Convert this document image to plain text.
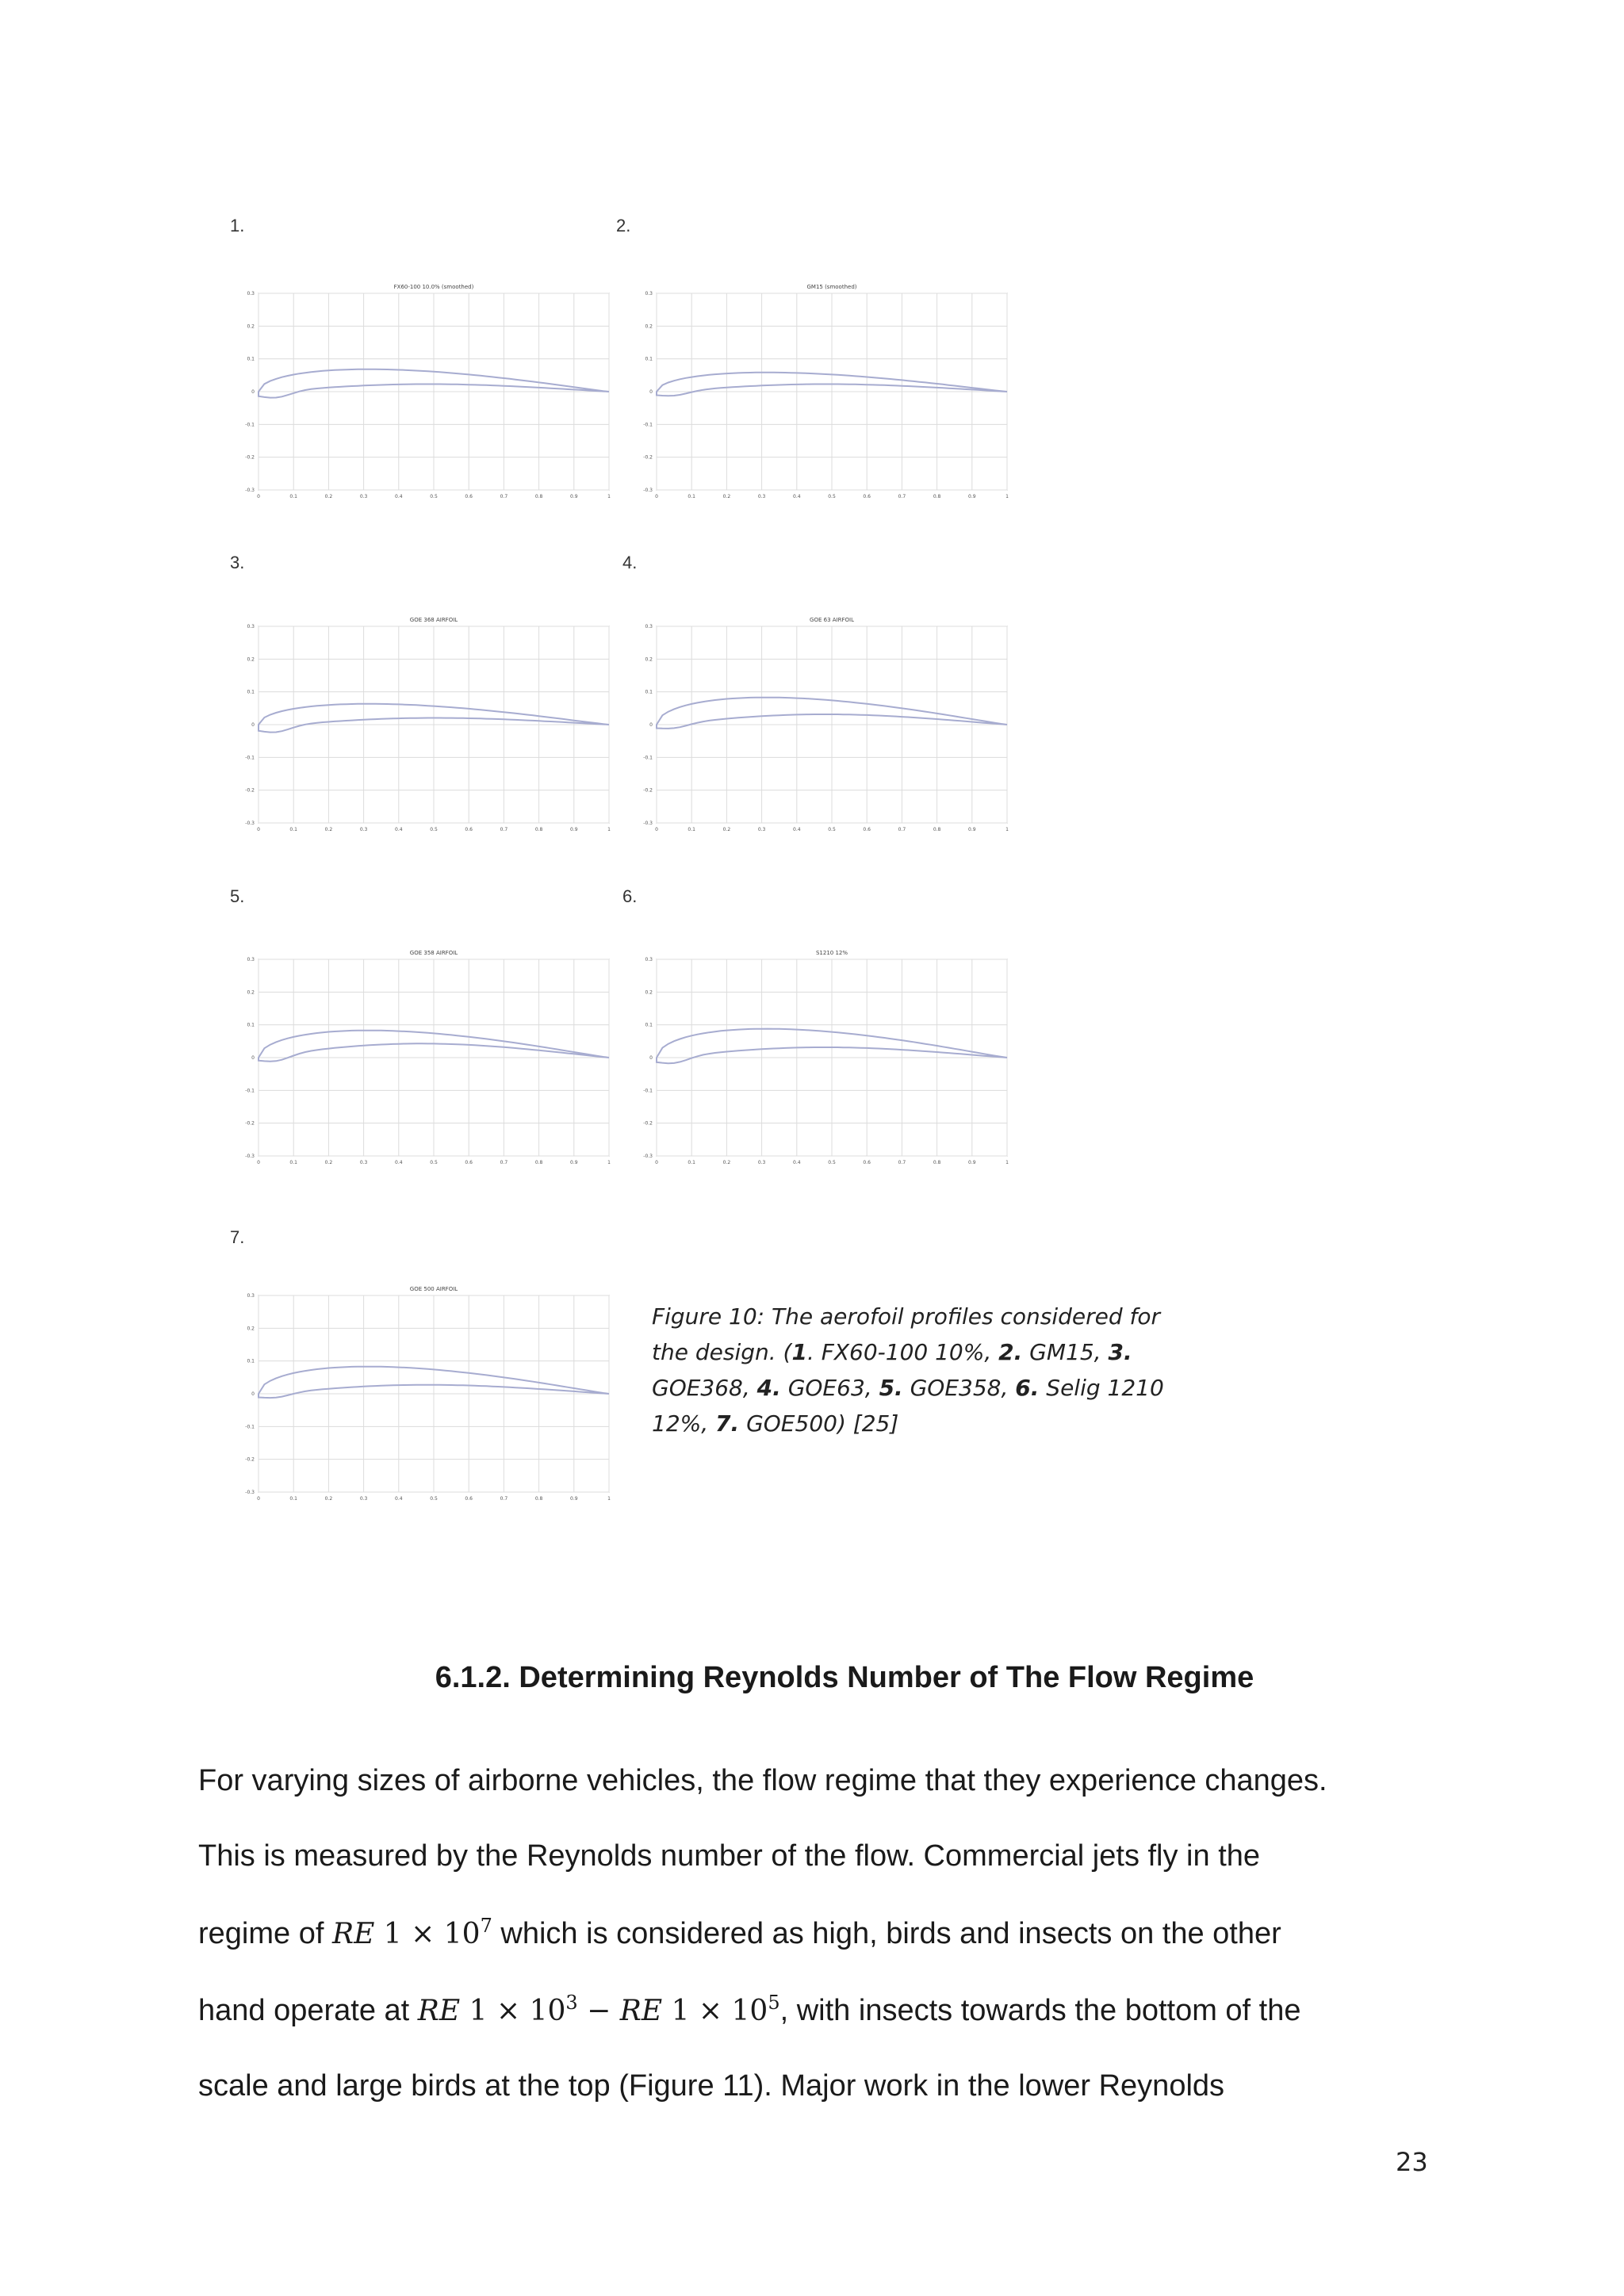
1.	2.
3.	4.
5.	6.
7.
0	0.1	0.2	0.3	0.4	0.5	0.6	0.7	0.8	0.9	1
0.3
0.2
0.1
0
-0.1
-0.2
-0.3
FX60-100 10.0% (smoothed)
0	0.1	0.2	0.3	0.4	0.5	0.6	0.7	0.8	0.9	1
0.3
0.2
0.1
0
-0.1
-0.2
-0.3
GM15 (smoothed)
0	0.1	0.2	0.3	0.4	0.5	0.6	0.7	0.8	0.9	1
0.3
0.2
0.1
0
-0.1
-0.2
-0.3
GOE 368 AIRFOIL
0	0.1	0.2	0.3	0.4	0.5	0.6	0.7	0.8	0.9	1
0.3
0.2
0.1
0
-0.1
-0.2
-0.3
GOE 63 AIRFOIL
0	0.1	0.2	0.3	0.4	0.5	0.6	0.7	0.8	0.9	1
0.3
0.2
0.1
0
-0.1
-0.2
-0.3
GOE 358 AIRFOIL
0	0.1	0.2	0.3	0.4	0.5	0.6	0.7	0.8	0.9	1
0.3
0.2
0.1
0
-0.1
-0.2
-0.3
S1210 12%
0	0.1	0.2	0.3	0.4	0.5	0.6	0.7	0.8	0.9	1
0.3
0.2
0.1
0
-0.1
-0.2
-0.3
GOE 500 AIRFOIL
Figure 10: The aerofoil profiles considered for the design. (1. FX60-100 10%, 2. GM15, 3. GOE368, 4. GOE63, 5. GOE358, 6. Selig 1210 12%, 7. GOE500) [25]
6.1.2. Determining Reynolds Number of The Flow Regime
For varying sizes of airborne vehicles, the flow regime that they experience changes.
This is measured by the Reynolds number of the flow. Commercial jets fly in the
regime of RE $1 \times 10^7$ which is considered as high, birds and insects on the other
hand operate at RE $1 \times 10^3$ − RE $1 \times 10^5$, with insects towards the bottom of the
scale and large birds at the top (Figure 11). Major work in the lower Reynolds
23
